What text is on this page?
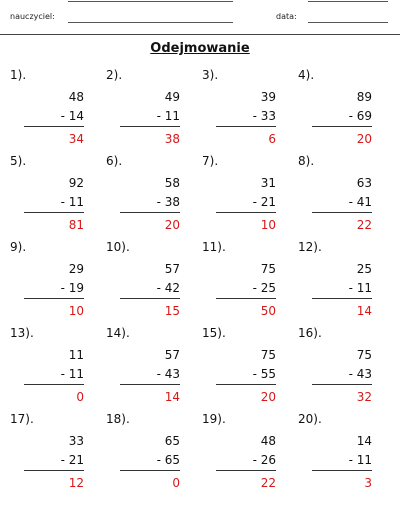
nauczyciel:	data:
Odejmowanie
1).
48
- 14
34
2).
49
- 11
38
3).
39
- 33
6
4).
89
- 69
20
5).
92
- 11
81
6).
58
- 38
20
7).
31
- 21
10
8).
63
- 41
22
9).
29
- 19
10
10).
57
- 42
15
11).
75
- 25
50
12).
25
- 11
14
13).
11
- 11
0
14).
57
- 43
14
15).
75
- 55
20
16).
75
- 43
32
17).
33
- 21
12
18).
65
- 65
0
19).
48
- 26
22
20).
14
- 11
3
